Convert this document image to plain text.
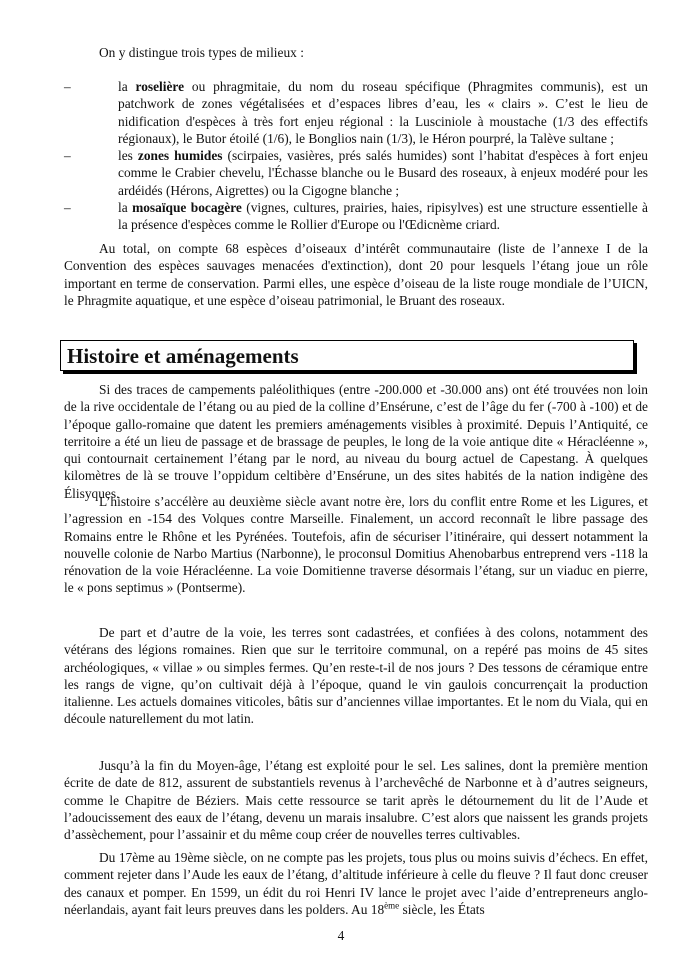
On y distingue trois types de milieux :

–	la roselière ou phragmitaie, du nom du roseau spécifique (Phragmites communis), est un patchwork de zones végétalisées et d’espaces libres d’eau, les « clairs ». C’est le lieu de nidification d'espèces à très fort enjeu régional : la Lusciniole à moustache (1/3 des effectifs régionaux), le Butor étoilé (1/6), le Bonglios nain (1/3), le Héron pourpré, la Talève sultane ;
–	les zones humides (scirpaies, vasières, prés salés humides) sont l’habitat d'espèces à fort enjeu comme le Crabier chevelu, l'Échasse blanche ou le Busard des roseaux, à enjeux modéré pour les ardéidés (Hérons, Aigrettes) ou la Cigogne blanche ;
–	la mosaïque bocagère (vignes, cultures, prairies, haies, ripisylves) est une structure essentielle à la présence d'espèces comme le Rollier d'Europe ou l'Œdicnème criard.

Au total, on compte 68 espèces d’oiseaux d’intérêt communautaire (liste de l’annexe I de la Convention des espèces sauvages menacées d'extinction), dont 20 pour lesquels l’étang joue un rôle important en terme de conservation. Parmi elles, une espèce d’oiseau de la liste rouge mondiale de l’UICN, le Phragmite aquatique, et une espèce d’oiseau patrimonial, le Bruant des roseaux.

Histoire et aménagements

Si des traces de campements paléolithiques (entre -200.000 et -30.000 ans) ont été trouvées non loin de la rive occidentale de l’étang ou au pied de la colline d’Ensérune, c’est de l’âge du fer (-700 à -100) et de l’époque gallo-romaine que datent les premiers aménagements visibles à proximité. Depuis l’Antiquité, ce territoire a été un lieu de passage et de brassage de peuples, le long de la voie antique dite « Héracléenne », qui contournait certainement l’étang par le nord, au niveau du bourg actuel de Capestang. À quelques kilomètres de là se trouve l’oppidum celtibère d’Ensérune, un des sites habités de la nation indigène des Élisyques.

L’histoire s’accélère au deuxième siècle avant notre ère, lors du conflit entre Rome et les Ligures, et l’agression en -154 des Volques contre Marseille. Finalement, un accord reconnaît le libre passage des Romains entre le Rhône et les Pyrénées. Toutefois, afin de sécuriser l’itinéraire, qui dessert notamment la nouvelle colonie de Narbo Martius (Narbonne), le proconsul Domitius Ahenobarbus entreprend vers -118 la rénovation de la voie Héracléenne. La voie Domitienne traverse désormais l’étang, sur un viaduc en pierre, le « pons septimus » (Pontserme).

De part et d’autre de la voie, les terres sont cadastrées, et confiées à des colons, notamment des vétérans des légions romaines. Rien que sur le territoire communal, on a repéré pas moins de 45 sites archéologiques, « villae » ou simples fermes. Qu’en reste-t-il de nos jours ? Des tessons de céramique entre les rangs de vigne, qu’on cultivait déjà à l’époque, quand le vin gaulois concurrençait la production italienne. Les actuels domaines viticoles, bâtis sur d’anciennes villae importantes. Et le nom du Viala, qui en découle naturellement du mot latin.

Jusqu’à la fin du Moyen-âge, l’étang est exploité pour le sel. Les salines, dont la première mention écrite de date de 812, assurent de substantiels revenus à l’archevêché de Narbonne et à d’autres seigneurs, comme le Chapitre de Béziers. Mais cette ressource se tarit après le détournement du lit de l’Aude et l’adoucissement des eaux de l’étang, devenu un marais insalubre. C’est alors que naissent les grands projets d’assèchement, pour l’assainir et du même coup créer de nouvelles terres cultivables.

Du 17ème au 19ème siècle, on ne compte pas les projets, tous plus ou moins suivis d’échecs. En effet, comment rejeter dans l’Aude les eaux de l’étang, d’altitude inférieure à celle du fleuve ? Il faut donc creuser des canaux et pomper. En 1599, un édit du roi Henri IV lance le projet avec l’aide d’entrepreneurs anglo-néerlandais, ayant fait leurs preuves dans les polders. Au 18ème siècle, les États

4
